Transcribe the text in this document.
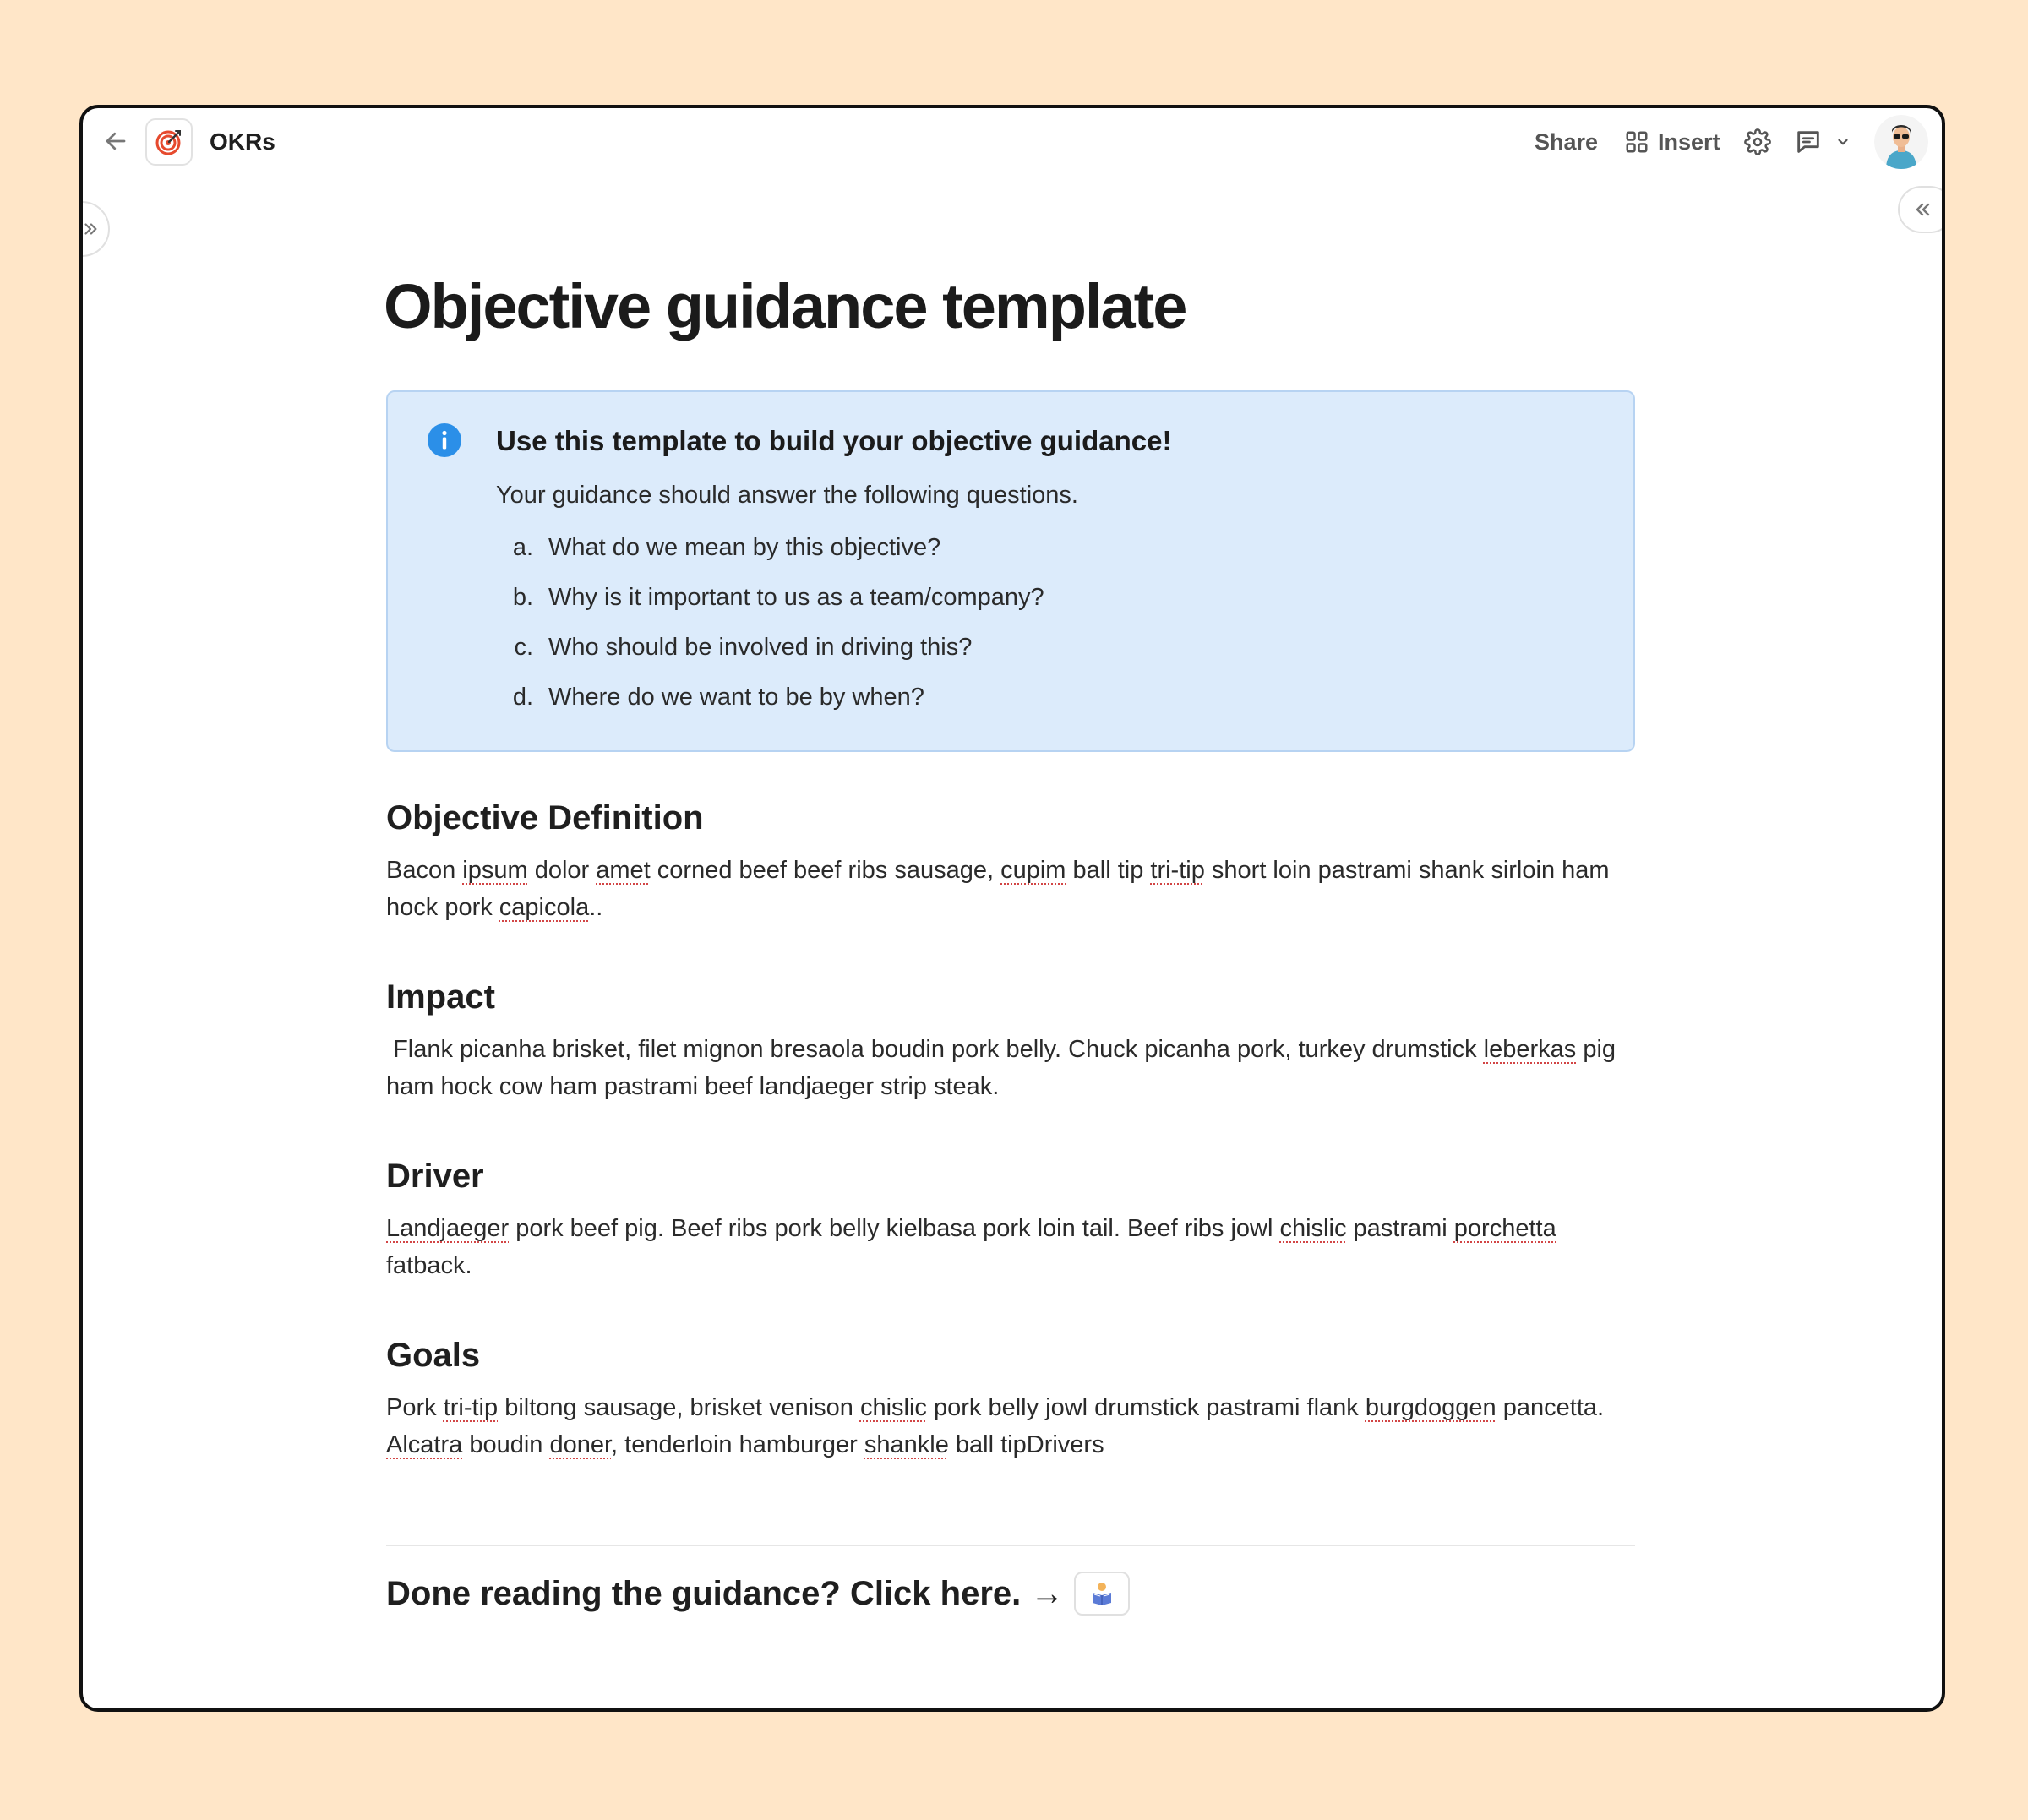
OKRs	Share	Insert
Objective guidance template
Use this template to build your objective guidance!
Your guidance should answer the following questions.
a. What do we mean by this objective?
b. Why is it important to us as a team/company?
c. Who should be involved in driving this?
d. Where do we want to be by when?
Objective Definition

Bacon ipsum dolor amet corned beef beef ribs sausage, cupim ball tip tri-tip short loin pastrami shank sirloin ham hock pork capicola..

Impact

Flank picanha brisket, filet mignon bresaola boudin pork belly. Chuck picanha pork, turkey drumstick leberkas pig ham hock cow ham pastrami beef landjaeger strip steak.

Driver

Landjaeger pork beef pig. Beef ribs pork belly kielbasa pork loin tail. Beef ribs jowl chislic pastrami porchetta fatback.

Goals

Pork tri-tip biltong sausage, brisket venison chislic pork belly jowl drumstick pastrami flank burgdoggen pancetta. Alcatra boudin doner, tenderloin hamburger shankle ball tipDrivers

Done reading the guidance? Click here. →
